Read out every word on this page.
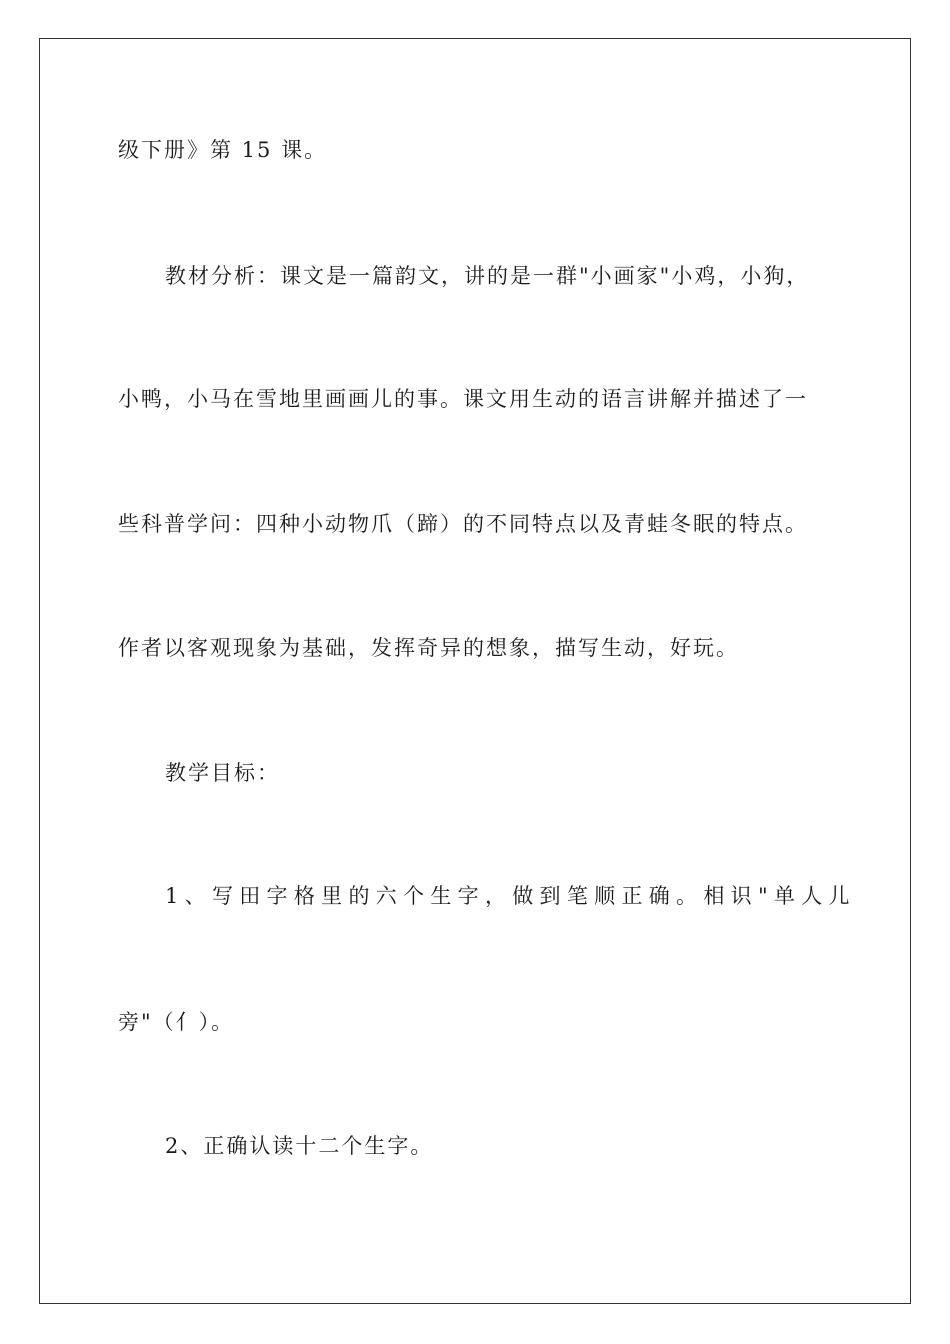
级下册》第 15 课。
教材分析：课文是一篇韵文，讲的是一群"小画家"小鸡，小狗，
小鸭，小马在雪地里画画儿的事。课文用生动的语言讲解并描述了一
些科普学问：四种小动物爪（蹄）的不同特点以及青蛙冬眠的特点。
作者以客观现象为基础，发挥奇异的想象，描写生动，好玩。
教学目标：
1、写田字格里的六个生字，做到笔顺正确。相识"单人儿
旁"（亻）。
2、正确认读十二个生字。
